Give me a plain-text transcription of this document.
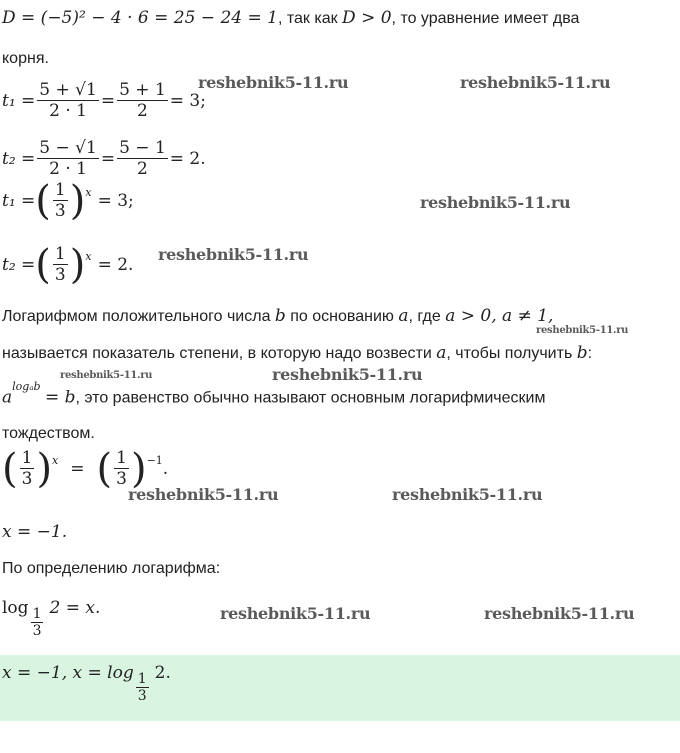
D = (−5)² − 4 · 6 = 25 − 24 = 1, так как D > 0, то уравнение имеет два
корня.
$t_1 = \frac{5 + √1}{2 \cdot 1} = \frac{5 + 1}{2} = 3$;
$t_2 = \frac{5 - √1}{2 \cdot 1} = \frac{5 - 1}{2} = 2$.
t₁ = ( $\frac{1}{3}$ ) x = 3;
t₂ = ( $\frac{1}{3}$ ) x = 2.
Логарифмом положительного числа b по основанию a, где a > 0, a ≠ 1,
называется показатель степени, в которую надо возвести a, чтобы получить b:
$a^{log_ab} = b$, это равенство обычно называют основным логарифмическим
тождеством.
( $\frac{1}{3}$ ) x = ( $\frac{1}{3}$ ) −1 .
x = −1.
По определению логарифма:
$\log \frac{1}{3} 2 = x$.
x = −1, $x = \log \frac{1}{3} 2$.
reshebnik5-11.ru	reshebnik5-11.ru
reshebnik5-11.ru
reshebnik5-11.ru
reshebnik5-11.ru
reshebnik5-11.ru	reshebnik5-11.ru
reshebnik5-11.ru	reshebnik5-11.ru
reshebnik5-11.ru	reshebnik5-11.ru
